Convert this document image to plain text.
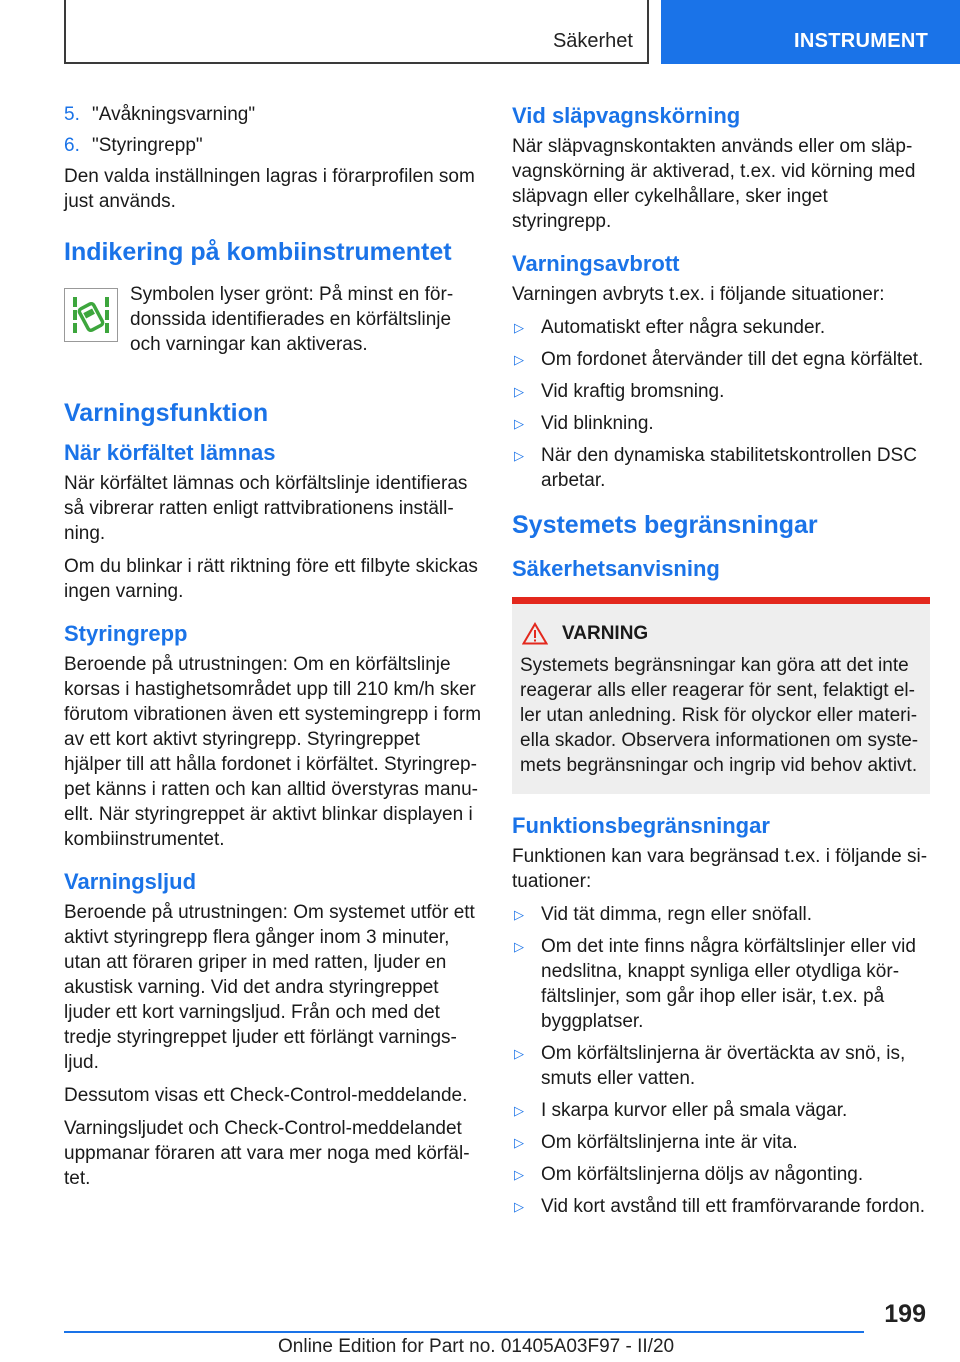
Säkerhet	INSTRUMENT
5. "Avåkningsvarning"
6. "Styringrepp"

Den valda inställningen lagras i förarprofilen som just används.

Indikering på kombiinstrumentet

Symbolen lyser grönt: På minst en fördonssida identifierades en körfältslinje och varningar kan aktiveras.

Varningsfunktion
När körfältet lämnas

När körfältet lämnas och körfältslinje identifieras så vibrerar ratten enligt rattvibrationens inställning.

Om du blinkar i rätt riktning före ett filbyte skickas ingen varning.

Styringrepp

Beroende på utrustningen: Om en körfältslinje korsas i hastighetsområdet upp till 210 km/h sker förutom vibrationen även ett systemingrepp i form av ett kort aktivt styringrepp. Styringreppet hjälper till att hålla fordonet i körfältet. Styringreppet känns i ratten och kan alltid överstyras manuellt. När styringreppet är aktivt blinkar displayen i kombiinstrumentet.

Varningsljud

Beroende på utrustningen: Om systemet utför ett aktivt styringrepp flera gånger inom 3 minuter, utan att föraren griper in med ratten, ljuder en akustisk varning. Vid det andra styringreppet ljuder ett kort varningsljud. Från och med det tredje styringreppet ljuder ett förlängt varningsljud.

Dessutom visas ett Check-Control-meddelande.

Varningsljudet och Check-Control-meddelandet uppmanar föraren att vara mer noga med körfältet.

Vid släpvagnskörning

När släpvagnskontakten används eller om släpvagnskörning är aktiverad, t.ex. vid körning med släpvagn eller cykelhållare, sker inget styringrepp.

Varningsavbrott

Varningen avbryts t.ex. i följande situationer:

▷ Automatiskt efter några sekunder.
▷ Om fordonet återvänder till det egna körfältet.
▷ Vid kraftig bromsning.
▷ Vid blinkning.
▷ När den dynamiska stabilitetskontrollen DSC arbetar.
Systemets begränsningar
Säkerhetsanvisning
VARNING

Systemets begränsningar kan göra att det inte reagerar alls eller reagerar för sent, felaktigt eller utan anledning. Risk för olyckor eller materiella skador. Observera informationen om systemets begränsningar och ingrip vid behov aktivt.

Funktionsbegränsningar

Funktionen kan vara begränsad t.ex. i följande situationer:

▷ Vid tät dimma, regn eller snöfall.
▷ Om det inte finns några körfältslinjer eller vid nedslitna, knappt synliga eller otydliga körfältslinjer, som går ihop eller isär, t.ex. på byggplatser.
▷ Om körfältslinjerna är övertäckta av snö, is, smuts eller vatten.
▷ I skarpa kurvor eller på smala vägar.
▷ Om körfältslinjerna inte är vita.
▷ Om körfältslinjerna döljs av någonting.
▷ Vid kort avstånd till ett framförvarande fordon.
199
Online Edition for Part no. 01405A03F97 - II/20
